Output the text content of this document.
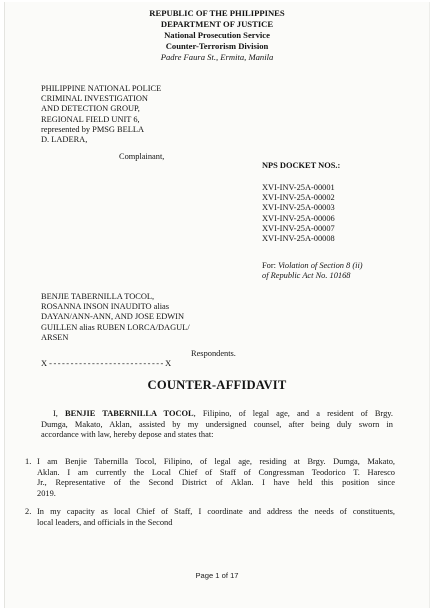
REPUBLIC OF THE PHILIPPINES
DEPARTMENT OF JUSTICE
National Prosecution Service
Counter-Terrorism Division
Padre Faura St., Ermita, Manila
PHILIPPINE NATIONAL POLICE
CRIMINAL INVESTIGATION
AND DETECTION GROUP,
REGIONAL FIELD UNIT 6,
represented by PMSG BELLA
D. LADERA,
Complainant,
NPS DOCKET NOS.:
XVI-INV-25A-00001
XVI-INV-25A-00002
XVI-INV-25A-00003
XVI-INV-25A-00006
XVI-INV-25A-00007
XVI-INV-25A-00008
For: Violation of Section 8 (ii)
of Republic Act No. 10168
BENJIE TABERNILLA TOCOL,
ROSANNA INSON INAUDITO alias
DAYAN/ANN-ANN, AND JOSE EDWIN
GUILLEN alias RUBEN LORCA/DAGUL/
ARSEN
Respondents.
X - - - - - - - - - - - - - - - - - - - - - - - - - - - X
COUNTER-AFFIDAVIT
I, BENJIE TABERNILLA TOCOL, Filipino, of legal age, and a resident of Brgy.
Dumga, Makato, Aklan, assisted by my undersigned counsel, after being duly sworn in
accordance with law, hereby depose and states that:
1. I am Benjie Tabernilla Tocol, Filipino, of legal age, residing at Brgy. Dumga, Makato,
Aklan. I am currently the Local Chief of Staff of Congressman Teodorico T. Haresco
Jr., Representative of the Second District of Aklan. I have held this position since
2019.
2. In my capacity as local Chief of Staff, I coordinate and address the needs of constituents,
local leaders, and officials in the Second
Page 1 of 17
